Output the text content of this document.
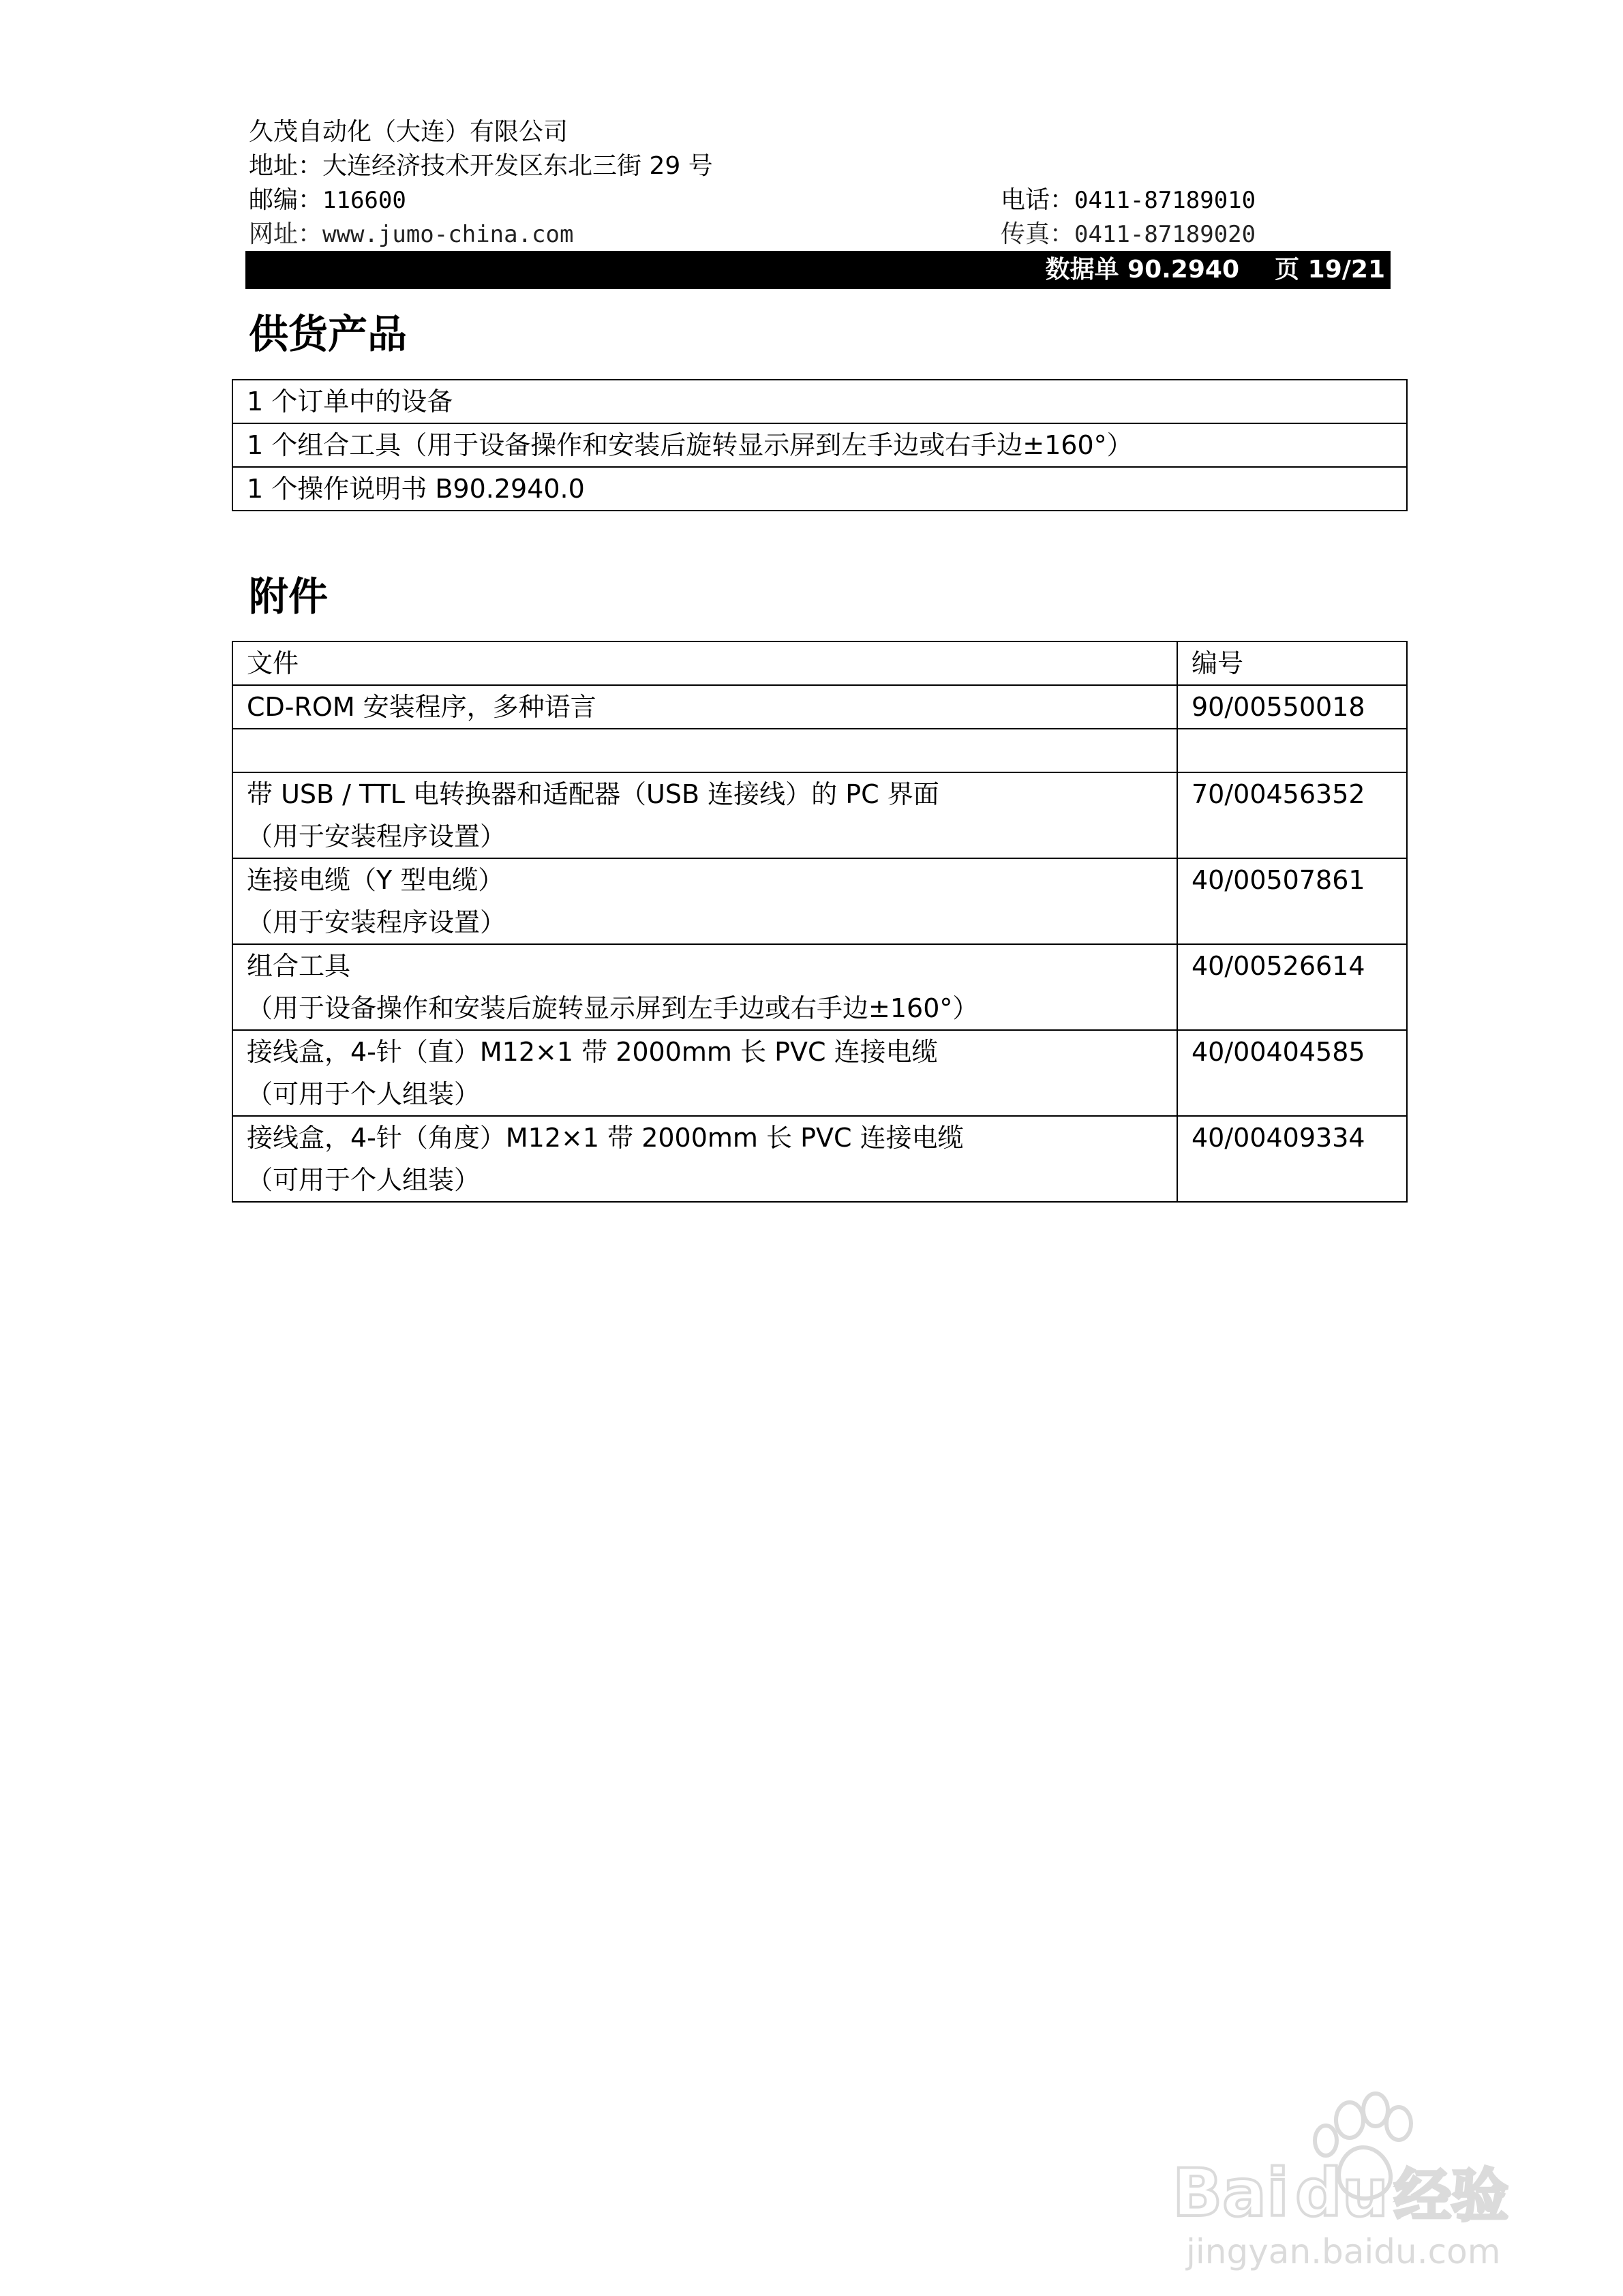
久茂自动化（大连）有限公司
地址：大连经济技术开发区东北三街 29 号
邮编：116600
网址：www.jumo-china.com
电话：0411-87189010
传真：0411-87189020
数据单 90.2940 页 19/21
供货产品
1 个订单中的设备
1 个组合工具（用于设备操作和安装后旋转显示屏到左手边或右手边±160°）
1 个操作说明书 B90.2940.0
附件
文件	编号
CD-ROM 安装程序，多种语言	90/00550018

带 USB / TTL 电转换器和适配器（USB 连接线）的 PC 界面
（用于安装程序设置）	70/00456352

连接电缆（Y 型电缆）
（用于安装程序设置）	40/00507861

组合工具
（用于设备操作和安装后旋转显示屏到左手边或右手边±160°）	40/00526614

接线盒，4-针（直）M12×1 带 2000mm 长 PVC 连接电缆
（可用于个人组装）	40/00404585

接线盒，4-针（角度）M12×1 带 2000mm 长 PVC 连接电缆
（可用于个人组装）	40/00409334
Bai du 经验
jingyan.baidu.com
